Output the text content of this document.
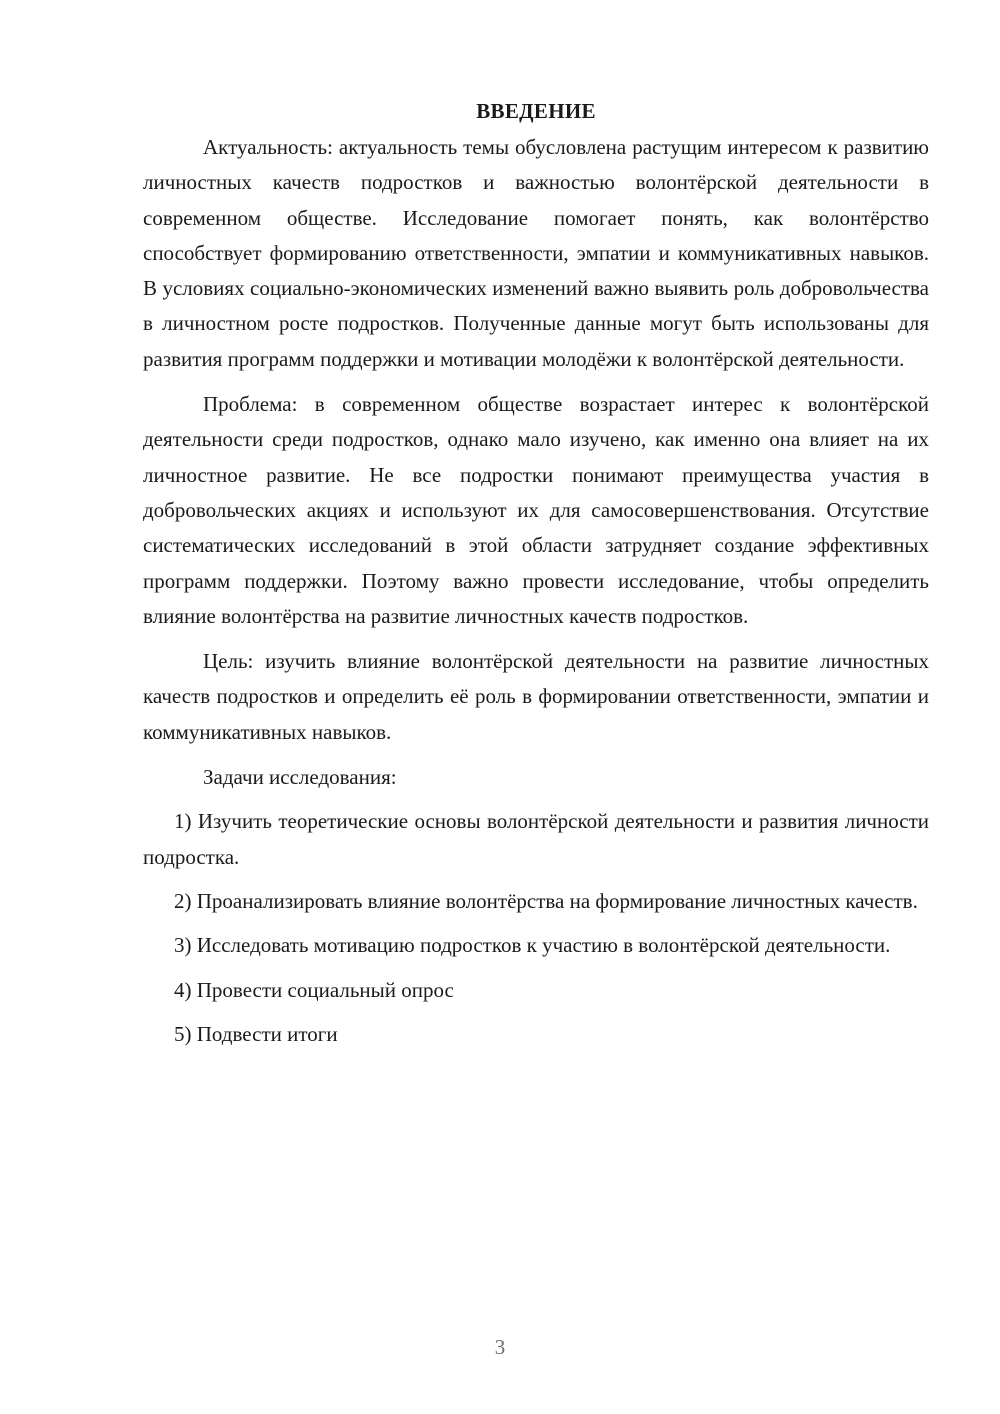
ВВЕДЕНИЕ

Актуальность: актуальность темы обусловлена растущим интересом к развитию личностных качеств подростков и важностью волонтёрской деятельности в современном обществе. Исследование помогает понять, как волонтёрство способствует формированию ответственности, эмпатии и коммуникативных навыков. В условиях социально-экономических изменений важно выявить роль добровольчества в личностном росте подростков. Полученные данные могут быть использованы для развития программ поддержки и мотивации молодёжи к волонтёрской деятельности.

Проблема: в современном обществе возрастает интерес к волонтёрской деятельности среди подростков, однако мало изучено, как именно она влияет на их личностное развитие. Не все подростки понимают преимущества участия в добровольческих акциях и используют их для самосовершенствования. Отсутствие систематических исследований в этой области затрудняет создание эффективных программ поддержки. Поэтому важно провести исследование, чтобы определить влияние волонтёрства на развитие личностных качеств подростков.

Цель: изучить влияние волонтёрской деятельности на развитие личностных качеств подростков и определить её роль в формировании ответственности, эмпатии и коммуникативных навыков.

Задачи исследования:

1) Изучить теоретические основы волонтёрской деятельности и развития личности подростка.

2) Проанализировать влияние волонтёрства на формирование личностных качеств.

3) Исследовать мотивацию подростков к участию в волонтёрской деятельности.

4) Провести социальный опрос

5) Подвести итоги

3
